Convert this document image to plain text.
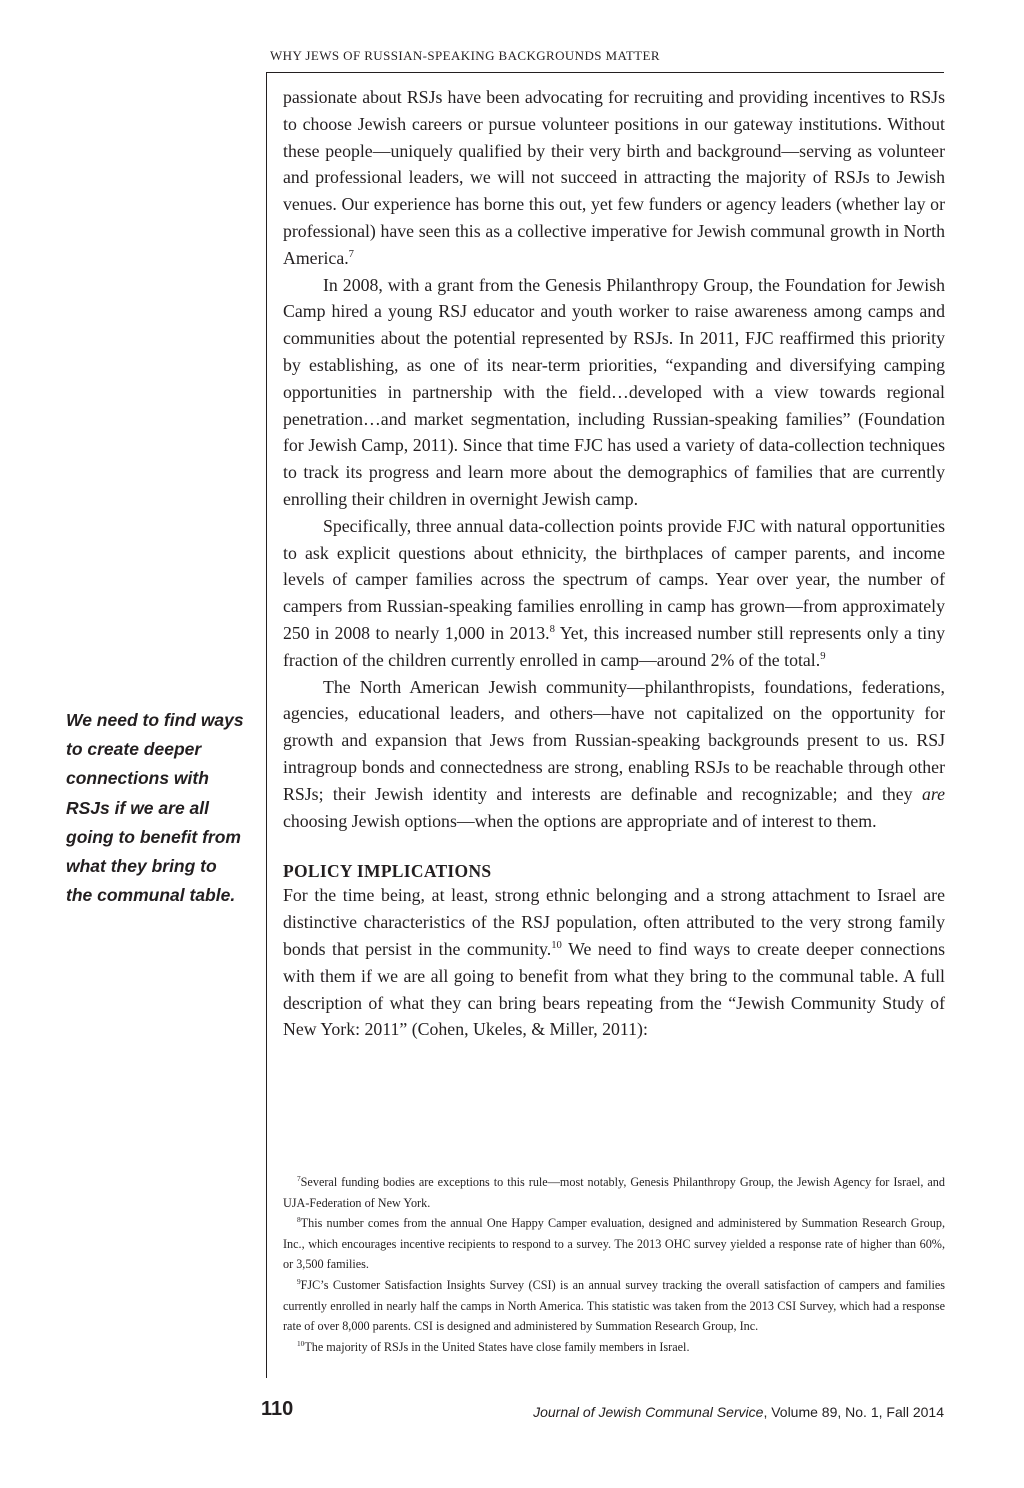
WHY JEWS OF RUSSIAN-SPEAKING BACKGROUNDS MATTER
We need to find ways
to create deeper
connections with
RSJs if we are all
going to benefit from
what they bring to
the communal table.

passionate about RSJs have been advocating for recruiting and providing incentives to RSJs to choose Jewish careers or pursue volunteer positions in our gateway institutions. Without these people—uniquely qualified by their very birth and background—serving as volunteer and professional leaders, we will not succeed in attracting the majority of RSJs to Jewish venues. Our experience has borne this out, yet few funders or agency leaders (whether lay or professional) have seen this as a collective imperative for Jewish communal growth in North America.$^7$

In 2008, with a grant from the Genesis Philanthropy Group, the Foundation for Jewish Camp hired a young RSJ educator and youth worker to raise awareness among camps and communities about the potential represented by RSJs. In 2011, FJC reaffirmed this priority by establishing, as one of its near-term priorities, “expanding and diversifying camping opportunities in partnership with the field…developed with a view towards regional penetration…and market segmentation, including Russian-speaking families” (Foundation for Jewish Camp, 2011). Since that time FJC has used a variety of data-collection techniques to track its progress and learn more about the demographics of families that are currently enrolling their children in overnight Jewish camp.

Specifically, three annual data-collection points provide FJC with natural opportunities to ask explicit questions about ethnicity, the birthplaces of camper parents, and income levels of camper families across the spectrum of camps. Year over year, the number of campers from Russian-speaking families enrolling in camp has grown—from approximately 250 in 2008 to nearly 1,000 in 2013.$^8$ Yet, this increased number still represents only a tiny fraction of the children currently enrolled in camp—around 2% of the total.$^9$

The North American Jewish community—philanthropists, foundations, federations, agencies, educational leaders, and others—have not capitalized on the opportunity for growth and expansion that Jews from Russian-speaking backgrounds present to us. RSJ intragroup bonds and connectedness are strong, enabling RSJs to be reachable through other RSJs; their Jewish identity and interests are definable and recognizable; and they are choosing Jewish options—when the options are appropriate and of interest to them.

POLICY IMPLICATIONS

For the time being, at least, strong ethnic belonging and a strong attachment to Israel are distinctive characteristics of the RSJ population, often attributed to the very strong family bonds that persist in the community.$^{10}$ We need to find ways to create deeper connections with them if we are all going to benefit from what they bring to the communal table. A full description of what they can bring bears repeating from the “Jewish Community Study of New York: 2011” (Cohen, Ukeles, & Miller, 2011):

$^7$Several funding bodies are exceptions to this rule—most notably, Genesis Philanthropy Group, the Jewish Agency for Israel, and UJA-Federation of New York.

$^8$This number comes from the annual One Happy Camper evaluation, designed and administered by Summation Research Group, Inc., which encourages incentive recipients to respond to a survey. The 2013 OHC survey yielded a response rate of higher than 60%, or 3,500 families.

$^9$FJC’s Customer Satisfaction Insights Survey (CSI) is an annual survey tracking the overall satisfaction of campers and families currently enrolled in nearly half the camps in North America. This statistic was taken from the 2013 CSI Survey, which had a response rate of over 8,000 parents. CSI is designed and administered by Summation Research Group, Inc.

$^{10}$The majority of RSJs in the United States have close family members in Israel.

110	Journal of Jewish Communal Service, Volume 89, No. 1, Fall 2014
